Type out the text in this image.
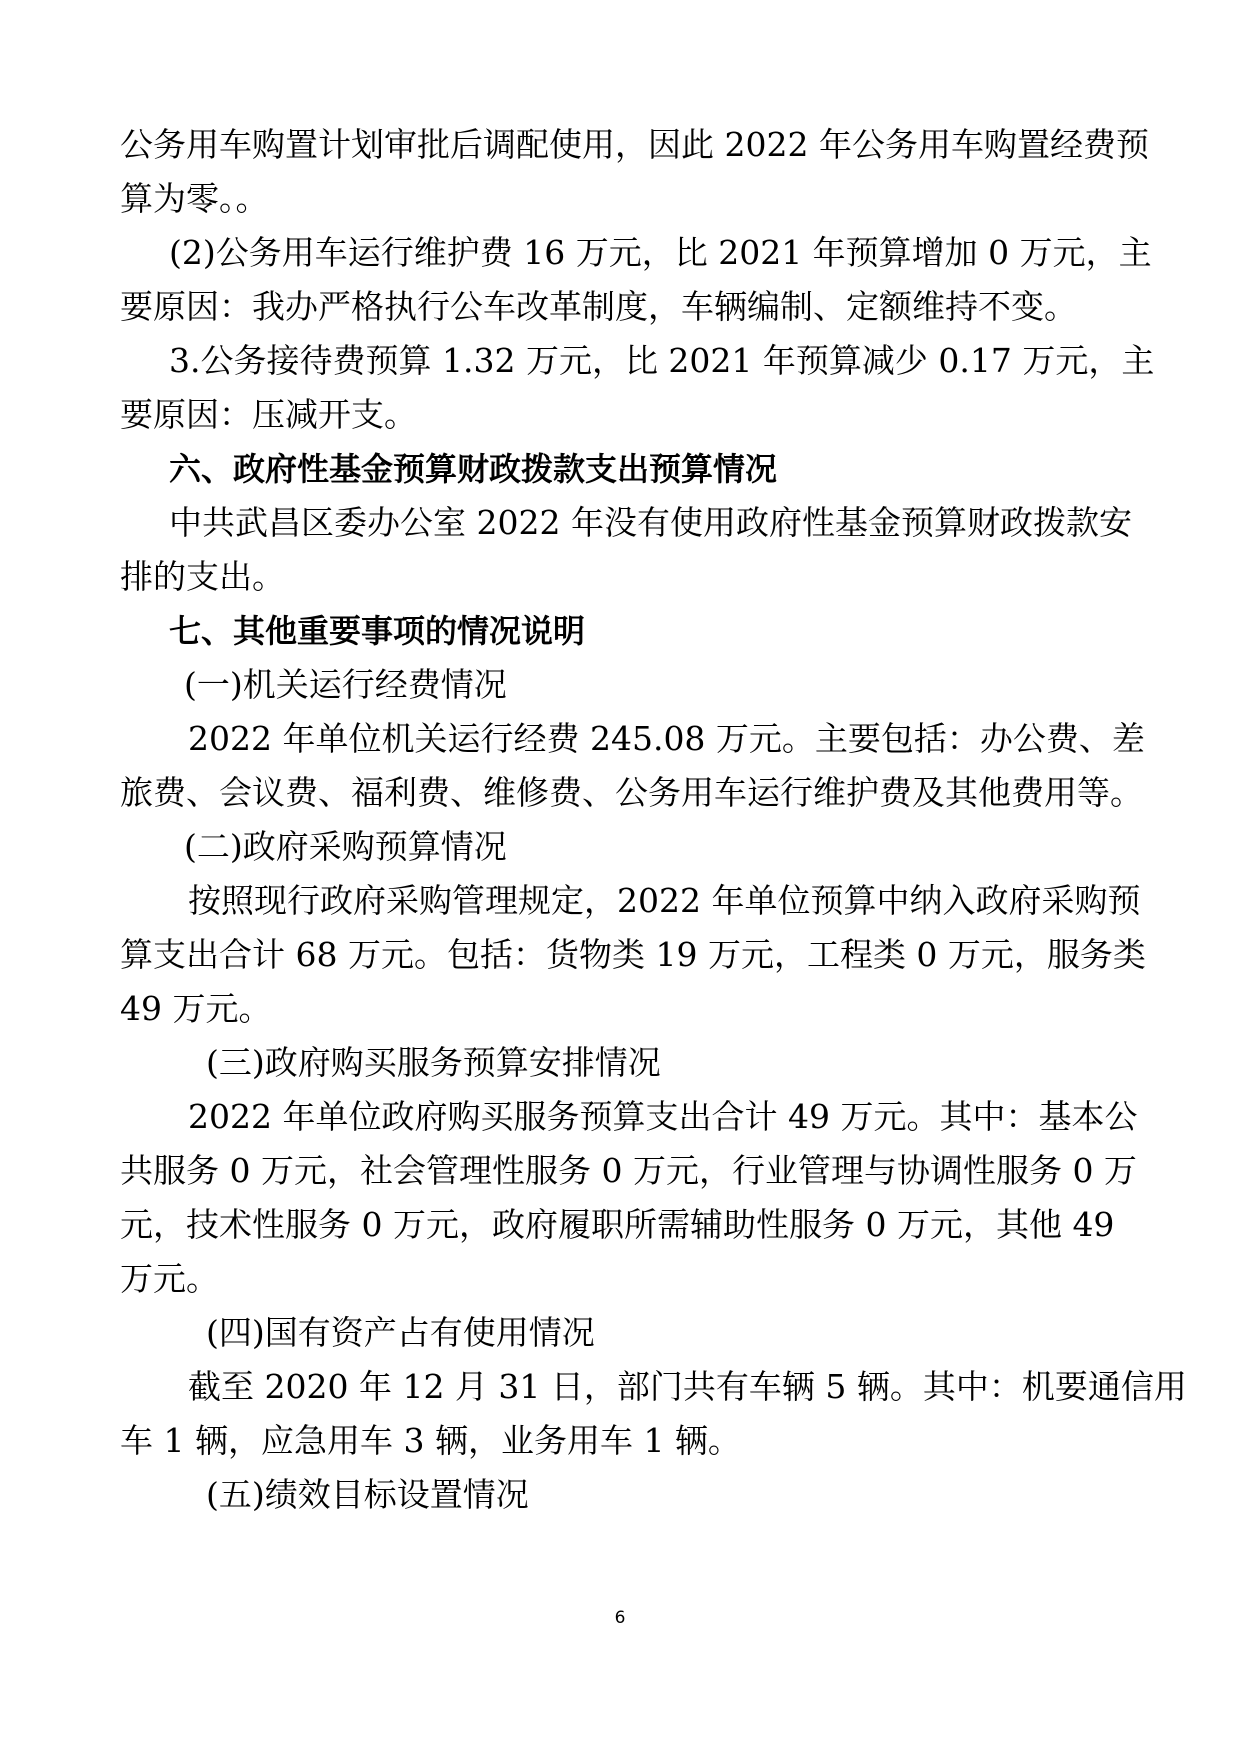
公务用车购置计划审批后调配使用，因此 2022 年公务用车购置经费预
算为零。。
(2)公务用车运行维护费 16 万元，比 2021 年预算增加 0 万元，主
要原因：我办严格执行公车改革制度，车辆编制、定额维持不变。
3.公务接待费预算 1.32 万元，比 2021 年预算减少 0.17 万元，主
要原因：压减开支。
六、政府性基金预算财政拨款支出预算情况
中共武昌区委办公室 2022 年没有使用政府性基金预算财政拨款安
排的支出。
七、其他重要事项的情况说明
(一)机关运行经费情况
2022 年单位机关运行经费 245.08 万元。主要包括：办公费、差
旅费、会议费、福利费、维修费、公务用车运行维护费及其他费用等。
(二)政府采购预算情况
按照现行政府采购管理规定，2022 年单位预算中纳入政府采购预
算支出合计 68 万元。包括：货物类 19 万元，工程类 0 万元，服务类
49 万元。
(三)政府购买服务预算安排情况
2022 年单位政府购买服务预算支出合计 49 万元。其中：基本公
共服务 0 万元，社会管理性服务 0 万元，行业管理与协调性服务 0 万
元，技术性服务 0 万元，政府履职所需辅助性服务 0 万元，其他 49
万元。
(四)国有资产占有使用情况
截至 2020 年 12 月 31 日，部门共有车辆 5 辆。其中：机要通信用
车 1 辆，应急用车 3 辆，业务用车 1 辆。
(五)绩效目标设置情况
6
